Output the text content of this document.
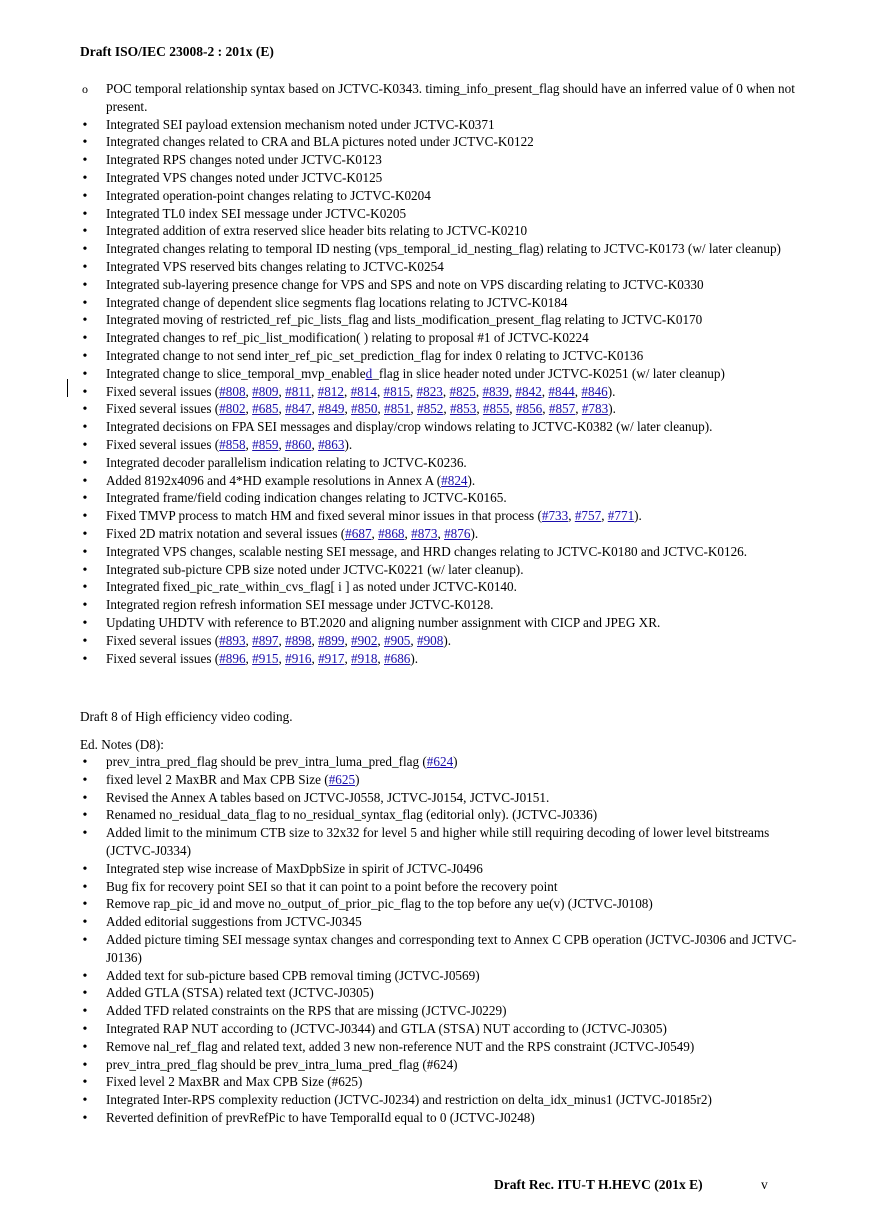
Draft ISO/IEC 23008-2 : 201x (E)
o
POC temporal relationship syntax based on JCTVC-K0343. timing_info_present_flag should have an inferred value of 0 when not present.
•
Integrated SEI payload extension mechanism noted under JCTVC-K0371
•
Integrated changes related to CRA and BLA pictures noted under JCTVC-K0122
•
Integrated RPS changes noted under JCTVC-K0123
•
Integrated VPS changes noted under JCTVC-K0125
•
Integrated operation-point changes relating to JCTVC-K0204
•
Integrated TL0 index SEI message under JCTVC-K0205
•
Integrated addition of extra reserved slice header bits relating to JCTVC-K0210
•
Integrated changes relating to temporal ID nesting (vps_temporal_id_nesting_flag) relating to JCTVC-K0173 (w/ later cleanup)
•
Integrated VPS reserved bits changes relating to JCTVC-K0254
•
Integrated sub-layering presence change for VPS and SPS and note on VPS discarding relating to JCTVC-K0330
•
Integrated change of dependent slice segments flag locations relating to JCTVC-K0184
•
Integrated moving of restricted_ref_pic_lists_flag and lists_modification_present_flag relating to JCTVC-K0170
•
Integrated changes to ref_pic_list_modification( ) relating to proposal #1 of JCTVC-K0224
•
Integrated change to not send inter_ref_pic_set_prediction_flag for index 0 relating to JCTVC-K0136
•
Integrated change to slice_temporal_mvp_enabled_flag in slice header noted under JCTVC-K0251 (w/ later cleanup)
•
Fixed several issues (#808, #809, #811, #812, #814, #815, #823, #825, #839, #842, #844, #846).
•
Fixed several issues (#802, #685, #847, #849, #850, #851, #852, #853, #855, #856, #857, #783).
•
Integrated decisions on FPA SEI messages and display/crop windows relating to JCTVC-K0382 (w/ later cleanup).
•
Fixed several issues (#858, #859, #860, #863).
•
Integrated decoder parallelism indication relating to JCTVC-K0236.
•
Added 8192x4096 and 4*HD example resolutions in Annex A (#824).
•
Integrated frame/field coding indication changes relating to JCTVC-K0165.
•
Fixed TMVP process to match HM and fixed several minor issues in that process (#733, #757, #771).
•
Fixed 2D matrix notation and several issues (#687, #868, #873, #876).
•
Integrated VPS changes, scalable nesting SEI message, and HRD changes relating to JCTVC-K0180 and JCTVC-K0126.
•
Integrated sub-picture CPB size noted under JCTVC-K0221 (w/ later cleanup).
•
Integrated fixed_pic_rate_within_cvs_flag[ i ] as noted under JCTVC-K0140.
•
Integrated region refresh information SEI message under JCTVC-K0128.
•
Updating UHDTV with reference to BT.2020 and aligning number assignment with CICP and JPEG XR.
•
Fixed several issues (#893, #897, #898, #899, #902, #905, #908).
•
Fixed several issues (#896, #915, #916, #917, #918, #686).
Draft 8 of High efficiency video coding.
Ed. Notes (D8):
•
prev_intra_pred_flag should be prev_intra_luma_pred_flag (#624)
•
fixed level 2 MaxBR and Max CPB Size (#625)
•
Revised the Annex A tables based on JCTVC-J0558, JCTVC-J0154, JCTVC-J0151.
•
Renamed no_residual_data_flag to no_residual_syntax_flag (editorial only). (JCTVC-J0336)
•
Added limit to the minimum CTB size to 32x32 for level 5 and higher while still requiring decoding of lower level bitstreams (JCTVC-J0334)
•
Integrated step wise increase of MaxDpbSize in spirit of JCTVC-J0496
•
Bug fix for recovery point SEI so that it can point to a point before the recovery point
•
Remove rap_pic_id and move no_output_of_prior_pic_flag to the top before any ue(v) (JCTVC-J0108)
•
Added editorial suggestions from JCTVC-J0345
•
Added picture timing SEI message syntax changes and corresponding text to Annex C CPB operation (JCTVC-J0306 and JCTVC-J0136)
•
Added text for sub-picture based CPB removal timing (JCTVC-J0569)
•
Added GTLA (STSA) related text (JCTVC-J0305)
•
Added TFD related constraints on the RPS that are missing (JCTVC-J0229)
•
Integrated RAP NUT according to (JCTVC-J0344) and GTLA (STSA) NUT according to (JCTVC-J0305)
•
Remove nal_ref_flag and related text, added 3 new non-reference NUT and the RPS constraint (JCTVC-J0549)
•
prev_intra_pred_flag should be prev_intra_luma_pred_flag (#624)
•
Fixed level 2 MaxBR and Max CPB Size (#625)
•
Integrated Inter-RPS complexity reduction (JCTVC-J0234) and restriction on delta_idx_minus1 (JCTVC-J0185r2)
•
Reverted definition of prevRefPic to have TemporalId equal to 0 (JCTVC-J0248)
Draft Rec. ITU-T H.HEVC (201x E)	v
